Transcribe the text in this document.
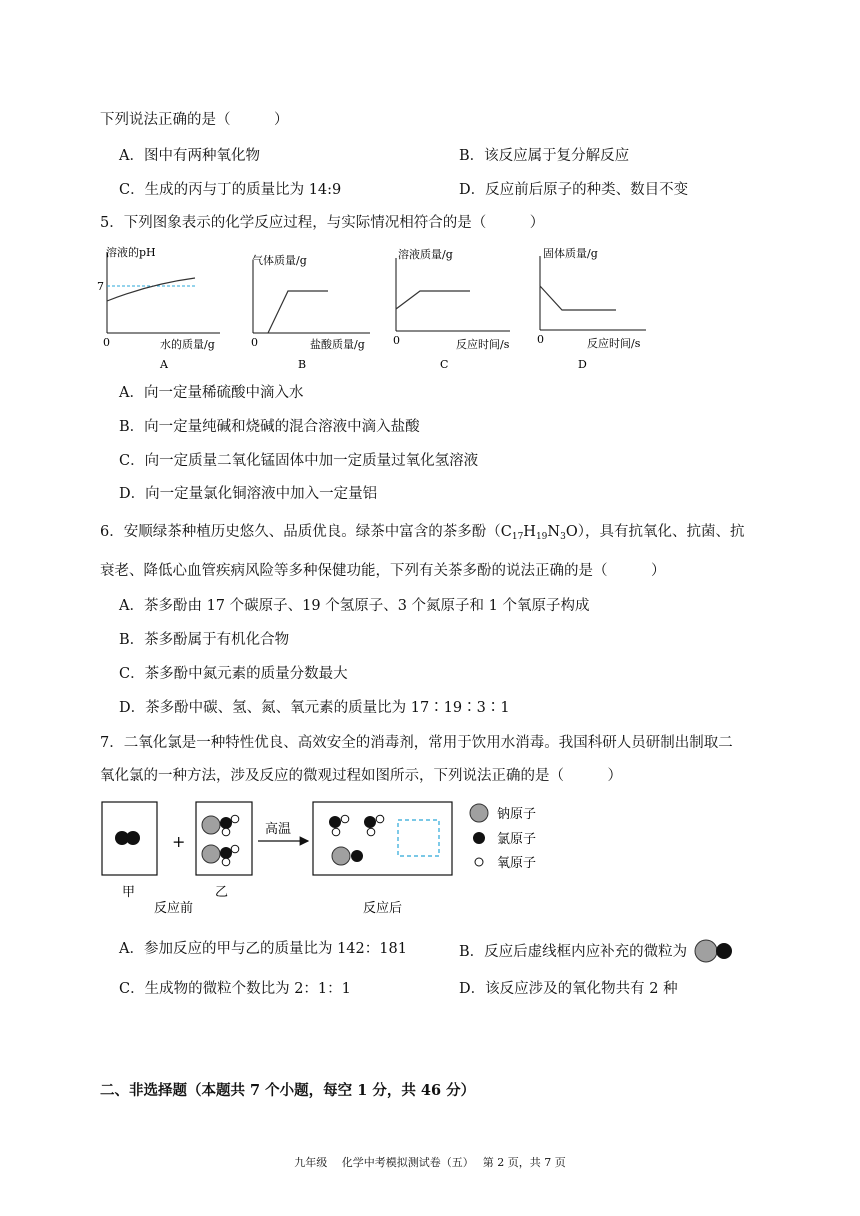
下列说法正确的是（　　　）
A．图中有两种氧化物	B．该反应属于复分解反应
C．生成的丙与丁的质量比为 14:9	D．反应前后原子的种类、数目不变
5．下列图象表示的化学反应过程，与实际情况相符合的是（　　　）
溶液的pH
7
0	水的质量/g
气体质量/g
0	盐酸质量/g
溶液质量/g
0	反应时间/s
固体质量/g
0	反应时间/s
A	B	C	D
A．向一定量稀硫酸中滴入水
B．向一定量纯碱和烧碱的混合溶液中滴入盐酸
C．向一定质量二氧化锰固体中加一定质量过氧化氢溶液
D．向一定量氯化铜溶液中加入一定量铝
6．安顺绿茶种植历史悠久、品质优良。绿茶中富含的茶多酚$(C_{17}H_{19}N_3O)$，具有抗氧化、抗菌、抗
衰老、降低心血管疾病风险等多种保健功能，下列有关茶多酚的说法正确的是（　　　）
A．茶多酚由 17 个碳原子、19 个氢原子、3 个氮原子和 1 个氧原子构成
B．茶多酚属于有机化合物
C．茶多酚中氮元素的质量分数最大
D．茶多酚中碳、氢、氮、氧元素的质量比为 17∶19∶3∶1
7．二氧化氯是一种特性优良、高效安全的消毒剂，常用于饮用水消毒。我国科研人员研制出制取二
氧化氯的一种方法，涉及反应的微观过程如图所示，下列说法正确的是（　　　）
+
高温
钠原子
氯原子
氧原子
甲	乙
反应前	反应后
A．参加反应的甲与乙的质量比为 142：181	B．反应后虚线框内应补充的微粒为
C．生成物的微粒个数比为 2：1：1	D．该反应涉及的氧化物共有 2 种
二、非选择题（本题共 7 个小题，每空 1 分，共 46 分）
九年级　 化学中考模拟测试卷（五）　 第 2 页，共 7 页
